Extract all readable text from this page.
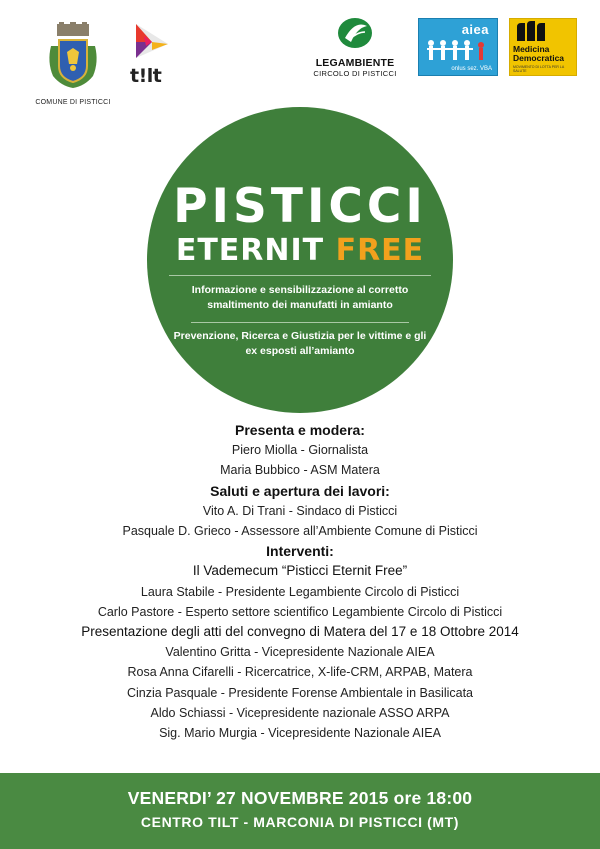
COMUNE DI PISTICCI
t!lt
LEGAMBIENTE
CIRCOLO DI PISTICCI
aiea
onlus sez. VBA
Medicina Democratica
MOVIMENTO DI LOTTA PER LA SALUTE
PISTICCI
ETERNIT FREE
Informazione e sensibilizzazione al corretto smaltimento dei manufatti in amianto
Prevenzione, Ricerca e Giustizia per le vittime e gli ex esposti all’amianto
Presenta e modera:
Piero Miolla - Giornalista
Maria Bubbico - ASM Matera
Saluti e apertura dei lavori:
Vito A. Di Trani - Sindaco di Pisticci
Pasquale D. Grieco - Assessore all’Ambiente Comune di Pisticci
Interventi:
Il Vademecum “Pisticci Eternit Free”
Laura Stabile - Presidente Legambiente Circolo di Pisticci
Carlo Pastore - Esperto settore scientifico Legambiente Circolo di Pisticci
Presentazione degli atti del convegno di Matera del 17 e 18 Ottobre 2014
Valentino Gritta - Vicepresidente Nazionale AIEA
Rosa Anna Cifarelli - Ricercatrice, X-life-CRM, ARPAB, Matera
Cinzia Pasquale - Presidente Forense Ambientale in Basilicata
Aldo Schiassi - Vicepresidente nazionale ASSO ARPA
Sig. Mario Murgia - Vicepresidente Nazionale AIEA
VENERDI’ 27 NOVEMBRE 2015 ore 18:00
CENTRO TILT - MARCONIA DI PISTICCI (MT)
